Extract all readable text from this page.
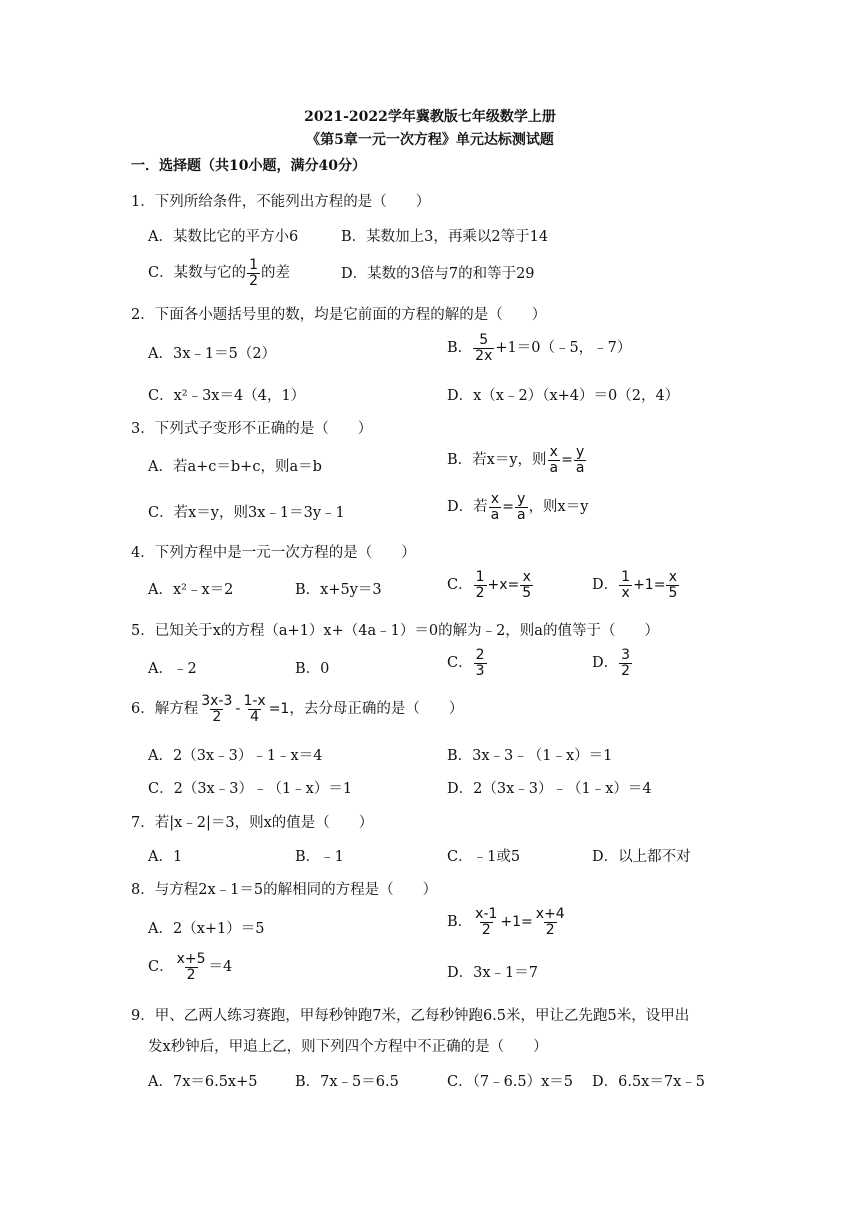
2021-2022学年冀教版七年级数学上册
《第5章一元一次方程》单元达标测试题
一．选择题（共10小题，满分40分）
1．下列所给条件，不能列出方程的是（　　）
A．某数比它的平方小6	B．某数加上3，再乘以2等于14
C．某数与它的 $\frac{1}{2}$ 的差	D．某数的3倍与7的和等于29
2．下面各小题括号里的数，均是它前面的方程的解的是（　　）
A．3x﹣1＝5（2）	B． $\frac{5}{2x}$ +1＝0（﹣5，﹣7）
C．x²﹣3x＝4（4，1）	D．x（x﹣2）（x+4）＝0（2，4）
3．下列式子变形不正确的是（　　）
A．若a+c＝b+c，则a＝b	B．若x＝y，则 $\frac{x}{a} = \frac{y}{a}$
C．若x＝y，则3x﹣1＝3y﹣1	D．若 $\frac{x}{a} = \frac{y}{a}$ ，则x＝y
4．下列方程中是一元一次方程的是（　　）
A．x²﹣x＝2	B．x+5y＝3	C． $\frac{1}{2} +x= \frac{x}{5}$	D． $\frac{1}{x} +1= \frac{x}{5}$
5．已知关于x的方程（a+1）x+（4a﹣1）＝0的解为﹣2，则a的值等于（　　）
A．﹣2	B．0	C． $\frac{2}{3}$	D． $\frac{3}{2}$
6．解方程 $\frac{3x-3}{2} - \frac{1-x}{4} =1$，去分母正确的是（　　）
A．2（3x﹣3）﹣1﹣x＝4	B．3x﹣3﹣（1﹣x）＝1
C．2（3x﹣3）﹣（1﹣x）＝1	D．2（3x﹣3）﹣（1﹣x）＝4
7．若|x﹣2|＝3，则x的值是（　　）
A．1	B．﹣1	C．﹣1或5	D．以上都不对
8．与方程2x﹣1＝5的解相同的方程是（　　）
A．2（x+1）＝5	B． $\frac{x-1}{2} +1= \frac{x+4}{2}$
C． $\frac{x+5}{2} =4$	D．3x﹣1＝7
9．甲、乙两人练习赛跑，甲每秒钟跑7米，乙每秒钟跑6.5米，甲让乙先跑5米，设甲出
发x秒钟后，甲追上乙，则下列四个方程中不正确的是（　　）
A．7x＝6.5x+5	B．7x﹣5＝6.5	C．（7﹣6.5）x＝5 D．6.5x＝7x﹣5
